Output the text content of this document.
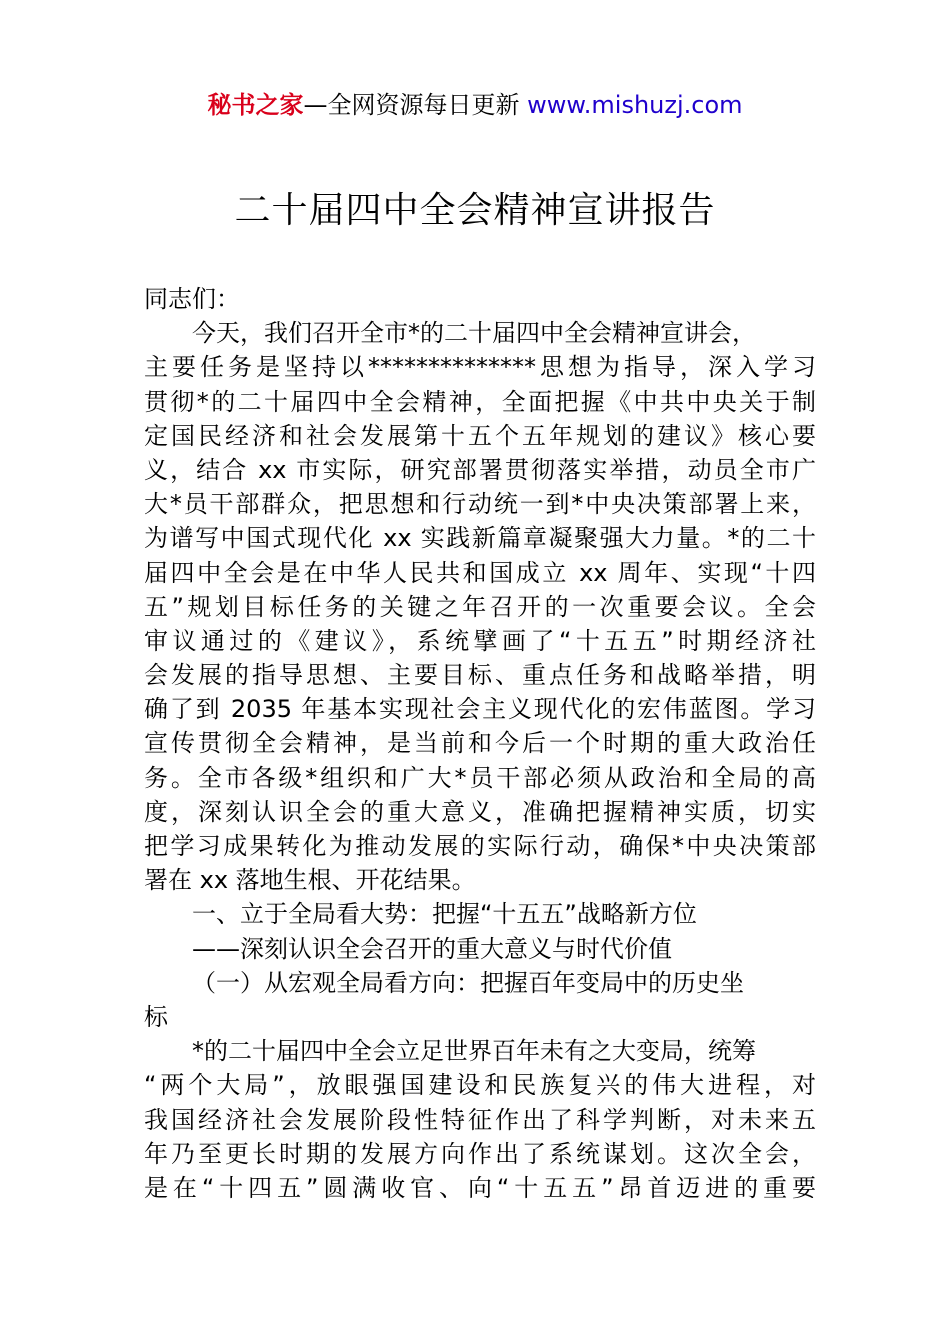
秘书之家—全网资源每日更新 www.mishuzj.com
二十届四中全会精神宣讲报告
同志们：
今天，我们召开全市*的二十届四中全会精神宣讲会，
主要任务是坚持以**************思想为指导，深入学习
贯彻*的二十届四中全会精神，全面把握《中共中央关于制
定国民经济和社会发展第十五个五年规划的建议》核心要
义，结合 xx 市实际，研究部署贯彻落实举措，动员全市广
大*员干部群众，把思想和行动统一到*中央决策部署上来，
为谱写中国式现代化 xx 实践新篇章凝聚强大力量。*的二十
届四中全会是在中华人民共和国成立 xx 周年、实现“十四
五”规划目标任务的关键之年召开的一次重要会议。全会
审议通过的《建议》，系统擘画了“十五五”时期经济社
会发展的指导思想、主要目标、重点任务和战略举措，明
确了到 2035 年基本实现社会主义现代化的宏伟蓝图。学习
宣传贯彻全会精神，是当前和今后一个时期的重大政治任
务。全市各级*组织和广大*员干部必须从政治和全局的高
度，深刻认识全会的重大意义，准确把握精神实质，切实
把学习成果转化为推动发展的实际行动，确保*中央决策部
署在 xx 落地生根、开花结果。
一、立于全局看大势：把握“十五五”战略新方位
——深刻认识全会召开的重大意义与时代价值
（一）从宏观全局看方向：把握百年变局中的历史坐
标
*的二十届四中全会立足世界百年未有之大变局，统筹
“两个大局”，放眼强国建设和民族复兴的伟大进程，对
我国经济社会发展阶段性特征作出了科学判断，对未来五
年乃至更长时期的发展方向作出了系统谋划。这次全会，
是在“十四五”圆满收官、向“十五五”昂首迈进的重要
